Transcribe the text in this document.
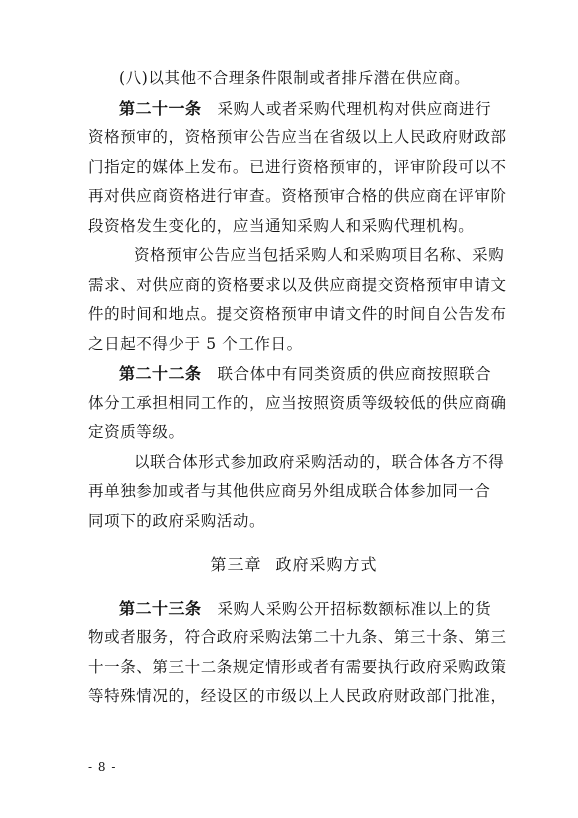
(八)以其他不合理条件限制或者排斥潜在供应商。
第二十一条 采购人或者采购代理机构对供应商进行
资格预审的，资格预审公告应当在省级以上人民政府财政部
门指定的媒体上发布。已进行资格预审的，评审阶段可以不
再对供应商资格进行审查。资格预审合格的供应商在评审阶
段资格发生变化的，应当通知采购人和采购代理机构。
资格预审公告应当包括采购人和采购项目名称、采购
需求、对供应商的资格要求以及供应商提交资格预审申请文
件的时间和地点。提交资格预审申请文件的时间自公告发布
之日起不得少于 5 个工作日。
第二十二条 联合体中有同类资质的供应商按照联合
体分工承担相同工作的，应当按照资质等级较低的供应商确
定资质等级。
以联合体形式参加政府采购活动的，联合体各方不得
再单独参加或者与其他供应商另外组成联合体参加同一合
同项下的政府采购活动。
第三章 政府采购方式
第二十三条 采购人采购公开招标数额标准以上的货
物或者服务，符合政府采购法第二十九条、第三十条、第三
十一条、第三十二条规定情形或者有需要执行政府采购政策
等特殊情况的，经设区的市级以上人民政府财政部门批准，
- 8 -
